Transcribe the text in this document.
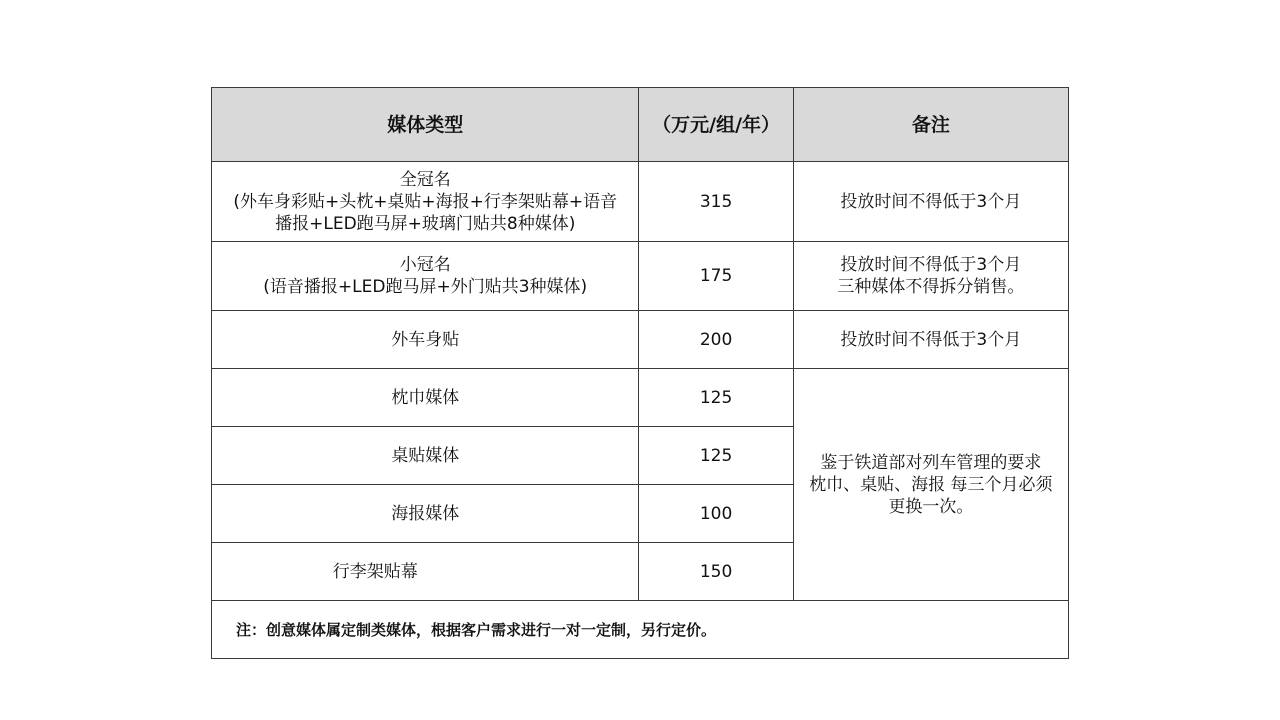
媒体类型	（万元/组/年）	备注

全冠名
(外车身彩贴+头枕+桌贴+海报+行李架贴幕+语音
播报+LED跑马屏+玻璃门贴共8种媒体)	315	投放时间不得低于3个月

小冠名
(语音播报+LED跑马屏+外门贴共3种媒体)	175	投放时间不得低于3个月
三种媒体不得拆分销售。

外车身贴	200	投放时间不得低于3个月
枕巾媒体	125	鉴于铁道部对列车管理的要求
枕巾、桌贴、海报 每三个月必须
更换一次。

桌贴媒体	125	
海报媒体	100	
行李架贴幕	150	
注：创意媒体属定制类媒体，根据客户需求进行一对一定制，另行定价。		
